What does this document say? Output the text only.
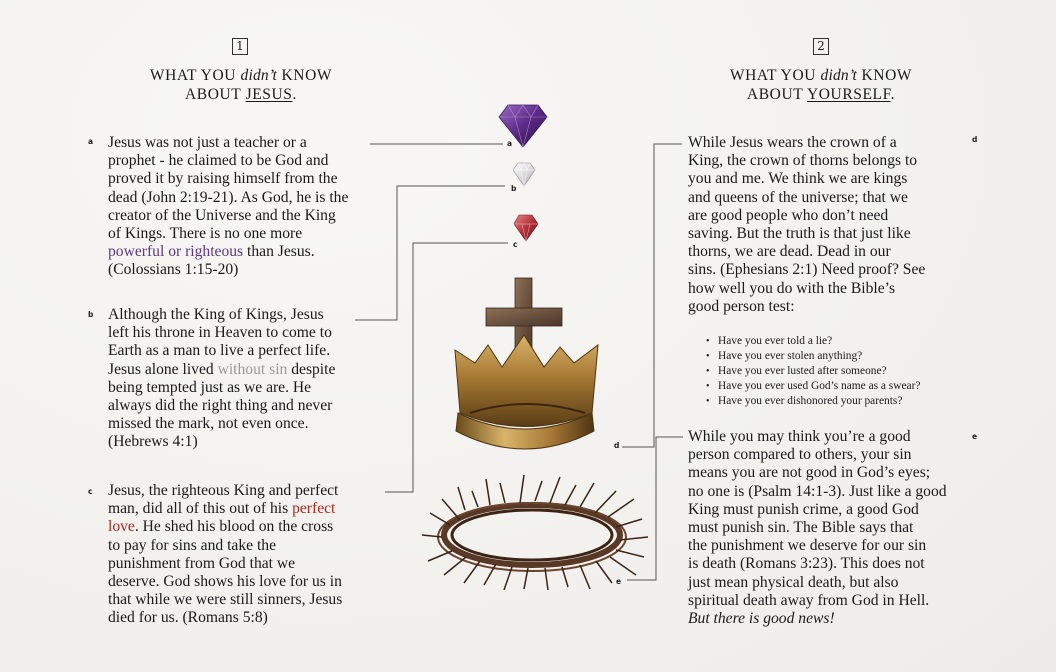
1
WHAT YOU didn’t KNOW
ABOUT JESUS.
a Jesus was not just a teacher or a
prophet - he claimed to be God and
proved it by raising himself from the
dead (John 2:19-21). As God, he is the
creator of the Universe and the King
of Kings. There is no one more
powerful or righteous than Jesus.
(Colossians 1:15-20)
b Although the King of Kings, Jesus
left his throne in Heaven to come to
Earth as a man to live a perfect life.
Jesus alone lived without sin despite
being tempted just as we are. He
always did the right thing and never
missed the mark, not even once.
(Hebrews 4:1)
c Jesus, the righteous King and perfect
man, did all of this out of his perfect
love. He shed his blood on the cross
to pay for sins and take the
punishment from God that we
deserve. God shows his love for us in
that while we were still sinners, Jesus
died for us. (Romans 5:8)
a
b
c
d
e
2
WHAT YOU didn’t KNOW
ABOUT YOURSELF.
d
While Jesus wears the crown of a
King, the crown of thorns belongs to
you and me. We think we are kings
and queens of the universe; that we
are good people who don’t need
saving. But the truth is that just like
thorns, we are dead. Dead in our
sins. (Ephesians 2:1) Need proof? See
how well you do with the Bible’s
good person test:
• Have you ever told a lie?
• Have you ever stolen anything?
• Have you ever lusted after someone?
• Have you ever used God’s name as a swear?
• Have you ever dishonored your parents?
e
While you may think you’re a good
person compared to others, your sin
means you are not good in God’s eyes;
no one is (Psalm 14:1-3). Just like a good
King must punish crime, a good God
must punish sin. The Bible says that
the punishment we deserve for our sin
is death (Romans 3:23). This does not
just mean physical death, but also
spiritual death away from God in Hell.
But there is good news!
